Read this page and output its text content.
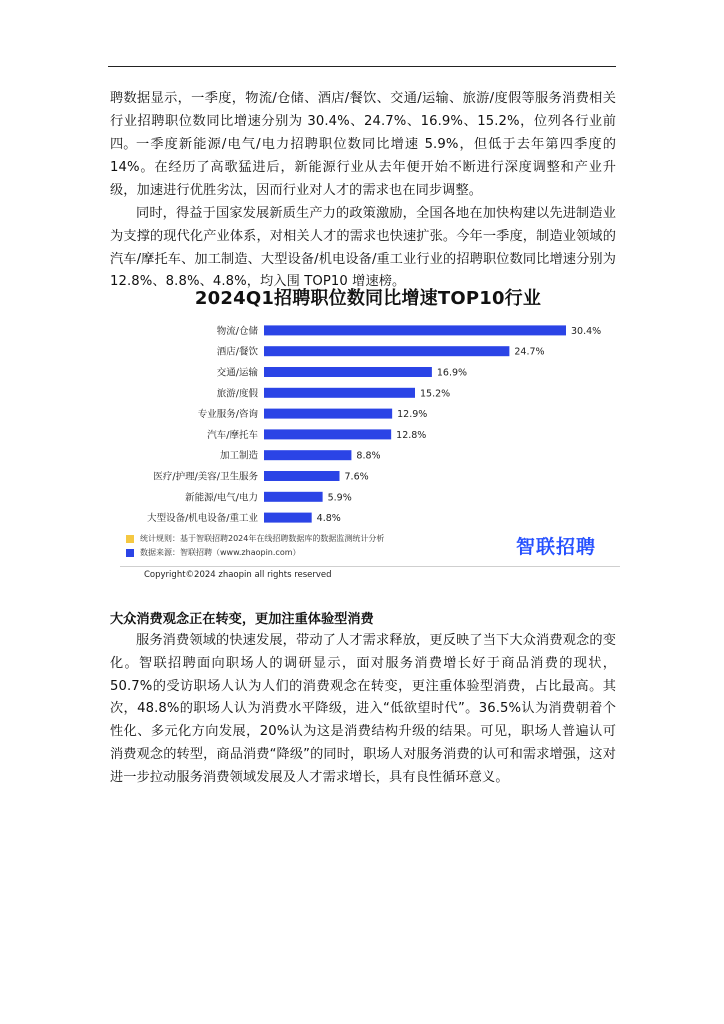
聘数据显示，一季度，物流/仓储、酒店/餐饮、交通/运输、旅游/度假等服务消费相关行业招聘职位数同比增速分别为 30.4%、24.7%、16.9%、15.2%，位列各行业前四。 一季度新能源/电气/电力招聘职位数同比增速 5.9%，但低于去年第四季度的 14%。在经历了高歌猛进后，新能源行业从去年便开始不断进行深度调整和产业升级，加速进行优胜劣汰，因而行业对人才的需求也在同步调整。

同时，得益于国家发展新质生产力的政策激励，全国各地在加快构建以先进制造业为支撑的现代化产业体系，对相关人才的需求也快速扩张。今年一季度，制造业领域的汽车/摩托车、加工制造、大型设备/机电设备/重工业行业的招聘职位数同比增速分别为 12.8%、8.8%、4.8%，均入围 TOP10 增速榜。

2024Q1招聘职位数同比增速TOP10行业
物流/仓储	30.4%
酒店/餐饮	24.7%
交通/运输	16.9%
旅游/度假	15.2%
专业服务/咨询	12.9%
汽车/摩托车	12.8%
加工制造	8.8%
医疗/护理/美容/卫生服务	7.6%
新能源/电气/电力	5.9%
大型设备/机电设备/重工业	4.8%
统计规则：基于智联招聘2024年在线招聘数据库的数据监测统计分析
数据来源：智联招聘（www.zhaopin.com）	智联招聘
Copyright©2024 zhaopin all rights reserved

大众消费观念正在转变，更加注重体验型消费

服务消费领域的快速发展，带动了人才需求释放，更反映了当下大众消费观念的变化。智联招聘面向职场人的调研显示，面对服务消费增长好于商品消费的现状，50.7%的受访职场人认为人们的消费观念在转变，更注重体验型消费，占比最高。其次，48.8%的职场人认为消费水平降级，进入“低欲望时代”。36.5%认为消费朝着个性化、多元化方向发展，20%认为这是消费结构升级的结果。可见，职场人普遍认可消费观念的转型，商品消费“降级”的同时，职场人对服务消费的认可和需求增强，这对进一步拉动服务消费领域发展及人才需求增长，具有良性循环意义。
